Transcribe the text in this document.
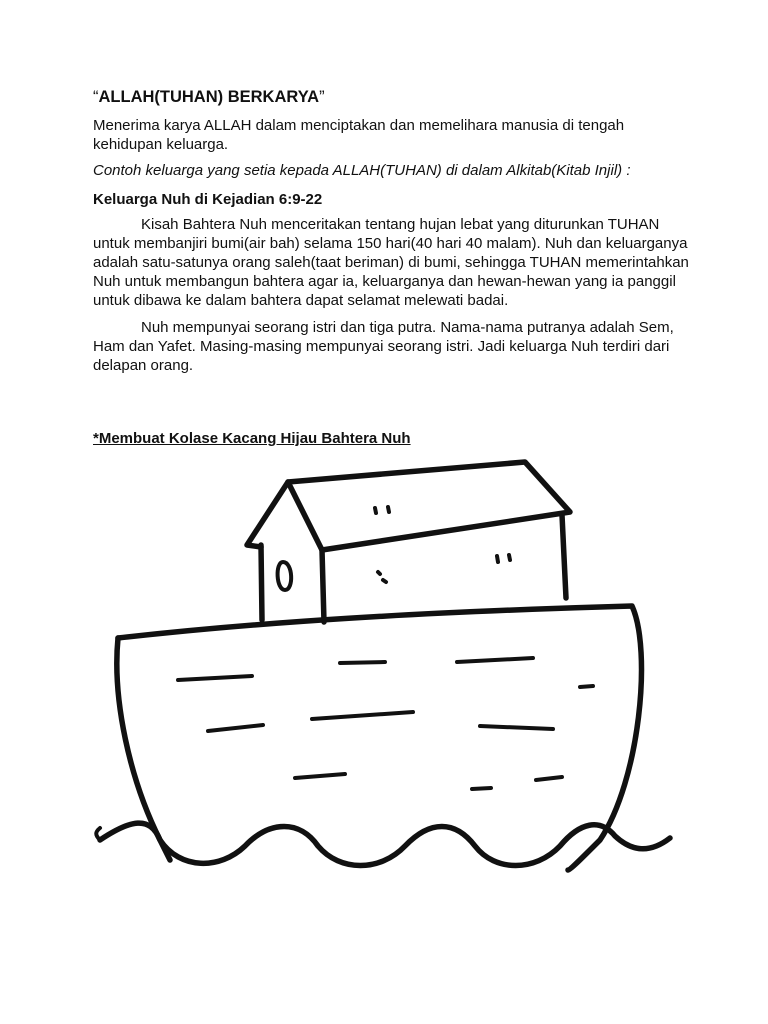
“ALLAH(TUHAN) BERKARYA”

Menerima karya ALLAH dalam menciptakan dan memelihara manusia di tengah kehidupan keluarga.

Contoh keluarga yang setia kepada ALLAH(TUHAN) di dalam Alkitab(Kitab Injil) :

Keluarga Nuh di Kejadian 6:9-22

Kisah Bahtera Nuh menceritakan tentang hujan lebat yang diturunkan TUHAN untuk membanjiri bumi(air bah) selama 150 hari(40 hari 40 malam). Nuh dan keluarganya adalah satu-satunya orang saleh(taat beriman) di bumi, sehingga TUHAN memerintahkan Nuh untuk membangun bahtera agar ia, keluarganya dan hewan-hewan yang ia panggil untuk dibawa ke dalam bahtera dapat selamat melewati badai.

Nuh mempunyai seorang istri dan tiga putra. Nama-nama putranya adalah Sem, Ham dan Yafet. Masing-masing mempunyai seorang istri. Jadi keluarga Nuh terdiri dari delapan orang.

*Membuat Kolase Kacang Hijau Bahtera Nuh
